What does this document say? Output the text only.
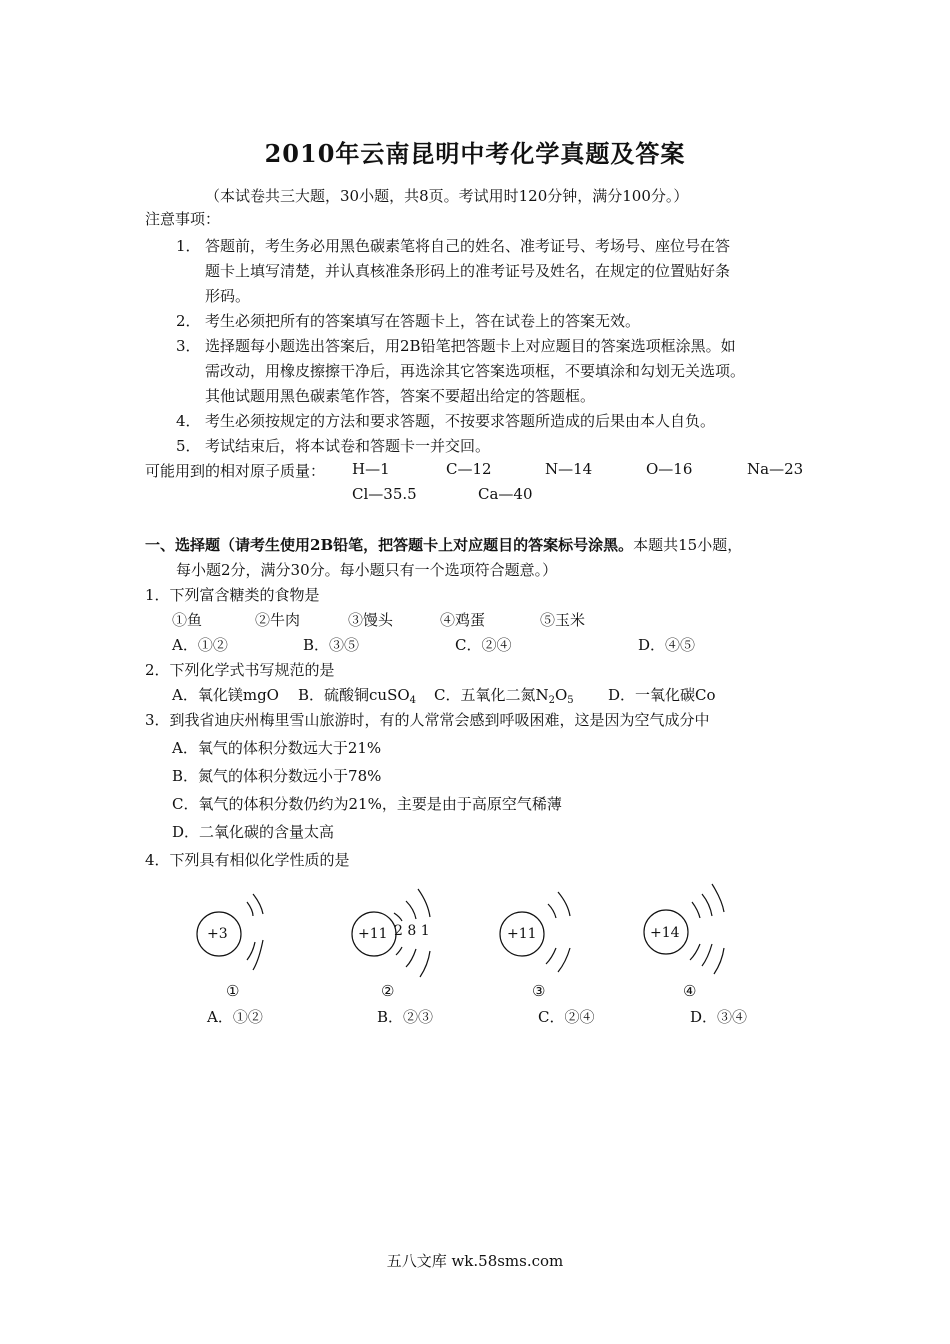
2010年云南昆明中考化学真题及答案
（本试卷共三大题，30小题，共8页。考试用时120分钟，满分100分。）
注意事项：
1． 答题前，考生务必用黑色碳素笔将自己的姓名、准考证号、考场号、座位号在答
题卡上填写清楚，并认真核准条形码上的准考证号及姓名，在规定的位置贴好条
形码。
2． 考生必须把所有的答案填写在答题卡上，答在试卷上的答案无效。
3． 选择题每小题选出答案后，用2B铅笔把答题卡上对应题目的答案选项框涂黑。如
需改动，用橡皮擦擦干净后，再选涂其它答案选项框，不要填涂和勾划无关选项。
其他试题用黑色碳素笔作答，答案不要超出给定的答题框。
4． 考生必须按规定的方法和要求答题，不按要求答题所造成的后果由本人自负。
5． 考试结束后，将本试卷和答题卡一并交回。
可能用到的相对原子质量： H—1	C—12	N—14	O—16	Na—23
Cl—35.5	Ca—40
一、选择题（请考生使用2B铅笔，把答题卡上对应题目的答案标号涂黑。本题共15小题，
每小题2分，满分30分。每小题只有一个选项符合题意。）
1．下列富含糖类的食物是
①鱼	②牛肉	③馒头	④鸡蛋	⑤玉米
A．①②	B．③⑤	C．②④	D．④⑤
2．下列化学式书写规范的是
A．氧化镁mgO B．硫酸铜cuSO$_4$ C．五氧化二氮$N_2O_5$ D．一氧化碳Co
3．到我省迪庆州梅里雪山旅游时，有的人常常会感到呼吸困难，这是因为空气成分中
A．氧气的体积分数远大于21%
B．氮气的体积分数远小于78%
C．氧气的体积分数仍约为21%，主要是由于高原空气稀薄
D．二氧化碳的含量太高
4．下列具有相似化学性质的是
+3	+11 2 8 1	+11	+14
①	②	③	④
A．①②	B．②③	C．②④	D．③④
五八文库 wk.58sms.com
